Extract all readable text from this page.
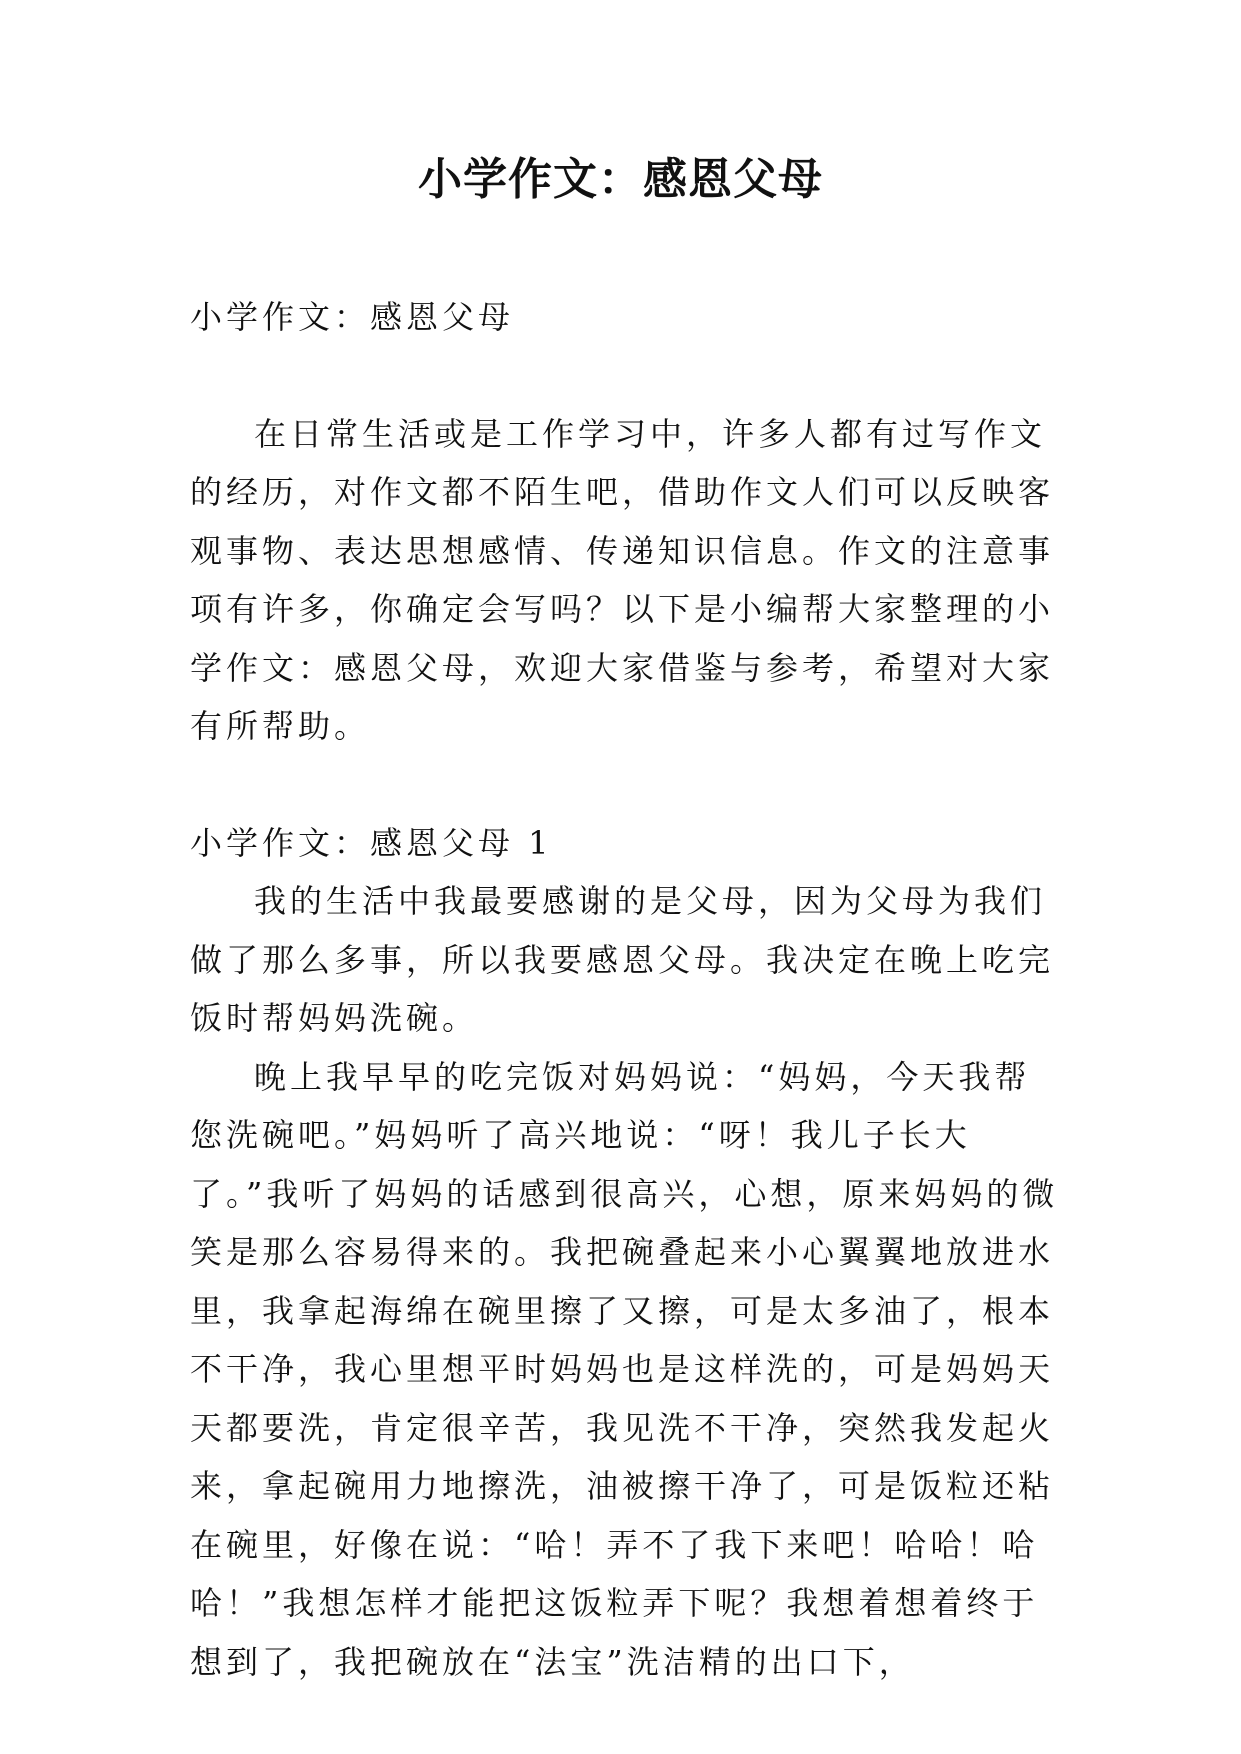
小学作文：感恩父母

小学作文：感恩父母

在日常生活或是工作学习中，许多人都有过写作文的经历，对作文都不陌生吧，借助作文人们可以反映客观事物、表达思想感情、传递知识信息。作文的注意事项有许多，你确定会写吗？以下是小编帮大家整理的小学作文：感恩父母，欢迎大家借鉴与参考，希望对大家有所帮助。

小学作文：感恩父母 1

我的生活中我最要感谢的是父母，因为父母为我们做了那么多事，所以我要感恩父母。我决定在晚上吃完饭时帮妈妈洗碗。

晚上我早早的吃完饭对妈妈说：“妈妈，今天我帮您洗碗吧。”妈妈听了高兴地说：“呀！我儿子长大了。”我听了妈妈的话感到很高兴，心想，原来妈妈的微笑是那么容易得来的。我把碗叠起来小心翼翼地放进水里，我拿起海绵在碗里擦了又擦，可是太多油了，根本不干净，我心里想平时妈妈也是这样洗的，可是妈妈天天都要洗，肯定很辛苦，我见洗不干净，突然我发起火来，拿起碗用力地擦洗，油被擦干净了，可是饭粒还粘在碗里，好像在说：“哈！弄不了我下来吧！哈哈！哈哈！”我想怎样才能把这饭粒弄下呢？我想着想着终于想到了，我把碗放在“法宝”洗洁精的出口下，
